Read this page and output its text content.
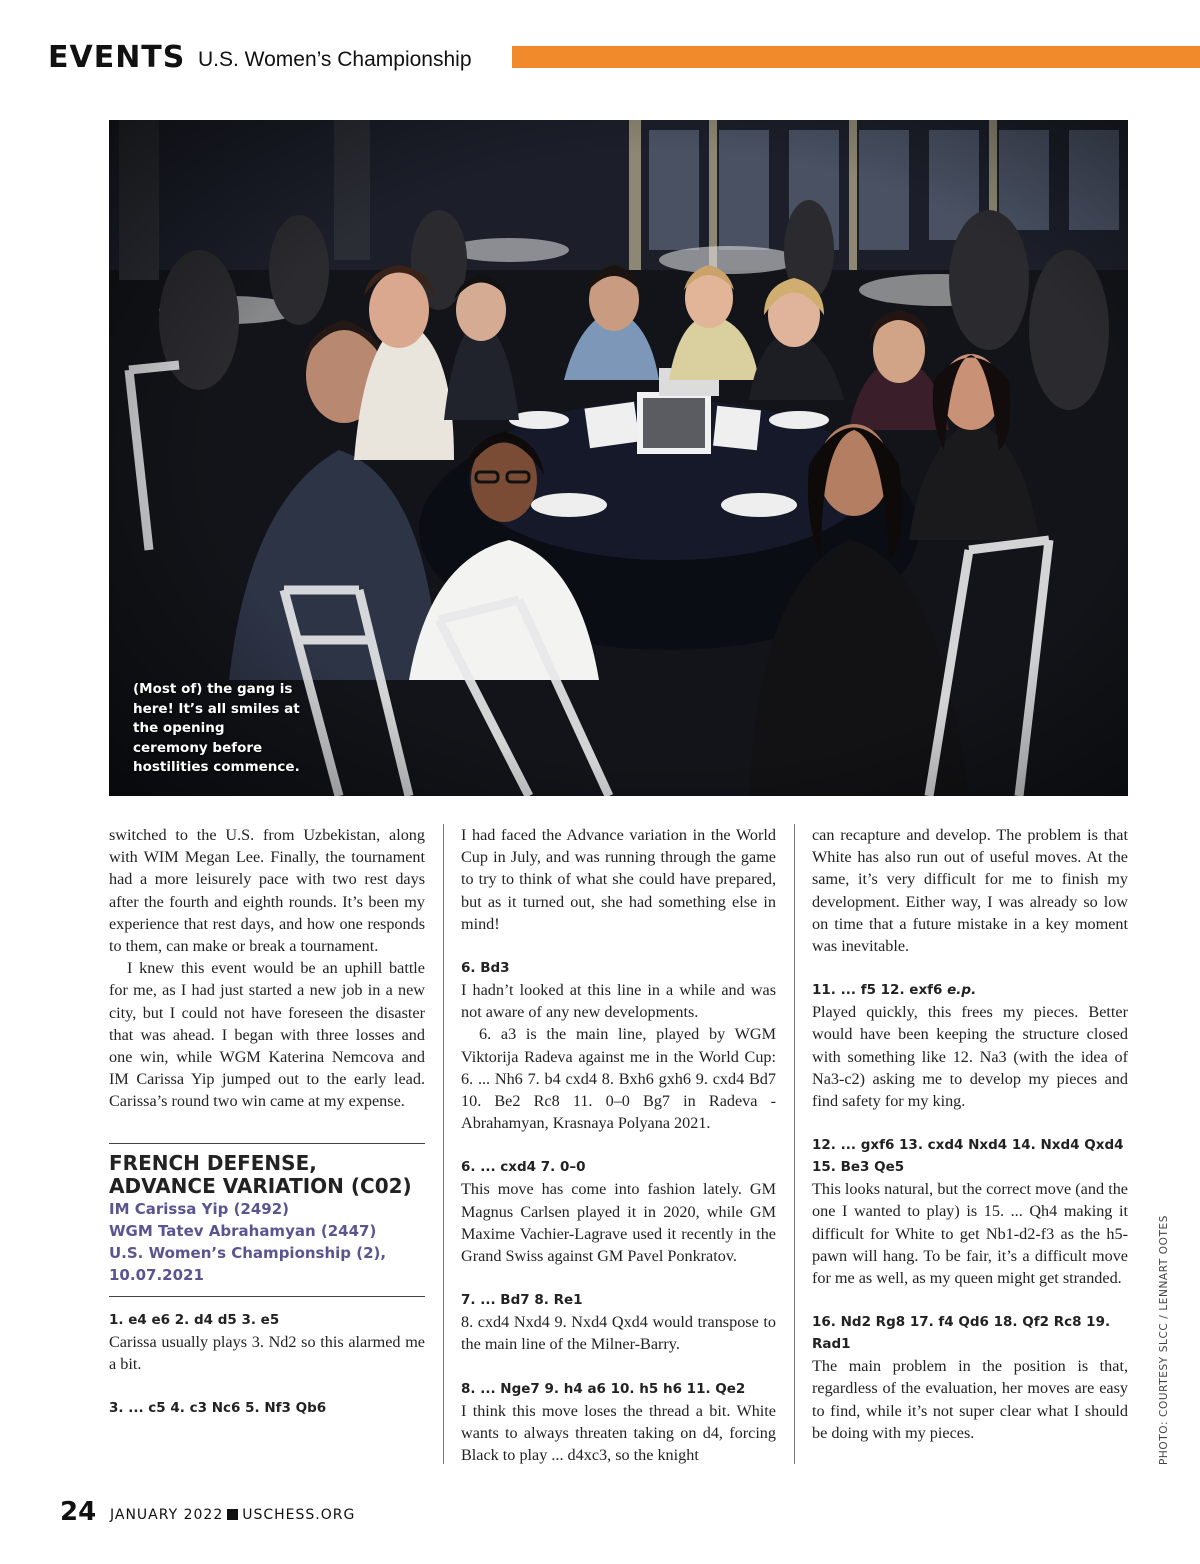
EVENTS U.S. Women’s Championship
(Most of) the gang is here! It’s all smiles at the opening ceremony before hostilities commence.

switched to the U.S. from Uzbekistan, along with WIM Megan Lee. Finally, the tournament had a more leisurely pace with two rest days after the fourth and eighth rounds. It’s been my experience that rest days, and how one responds to them, can make or break a tournament.

I knew this event would be an uphill battle for me, as I had just started a new job in a new city, but I could not have foreseen the disaster that was ahead. I began with three losses and one win, while WGM Katerina Nemcova and IM Carissa Yip jumped out to the early lead. Carissa’s round two win came at my expense.

FRENCH DEFENSE, ADVANCE VARIATION (C02)
IM Carissa Yip (2492)
WGM Tatev Abrahamyan (2447)
U.S. Women’s Championship (2),
10.07.2021
1. e4 e6 2. d4 d5 3. e5

Carissa usually plays 3. Nd2 so this alarmed me a bit.

3. ... c5 4. c3 Nc6 5. Nf3 Qb6

I had faced the Advance variation in the World Cup in July, and was running through the game to try to think of what she could have prepared, but as it turned out, she had something else in mind!

6. Bd3

I hadn’t looked at this line in a while and was not aware of any new developments.

6. a3 is the main line, played by WGM Viktorija Radeva against me in the World Cup: 6. ... Nh6 7. b4 cxd4 8. Bxh6 gxh6 9. cxd4 Bd7 10. Be2 Rc8 11. 0–0 Bg7 in Radeva - Abrahamyan, Krasnaya Polyana 2021.

6. ... cxd4 7. 0–0

This move has come into fashion lately. GM Magnus Carlsen played it in 2020, while GM Maxime Vachier-Lagrave used it recently in the Grand Swiss against GM Pavel Ponkratov.

7. ... Bd7 8. Re1

8. cxd4 Nxd4 9. Nxd4 Qxd4 would transpose to the main line of the Milner-Barry.

8. ... Nge7 9. h4 a6 10. h5 h6 11. Qe2

I think this move loses the thread a bit. White wants to always threaten taking on d4, forcing Black to play ... d4xc3, so the knight

can recapture and develop. The problem is that White has also run out of useful moves. At the same, it’s very difficult for me to finish my development. Either way, I was already so low on time that a future mistake in a key moment was inevitable.

11. ... f5 12. exf6 e.p.

Played quickly, this frees my pieces. Better would have been keeping the structure closed with something like 12. Na3 (with the idea of Na3-c2) asking me to develop my pieces and find safety for my king.

12. ... gxf6 13. cxd4 Nxd4 14. Nxd4 Qxd4
15. Be3 Qe5

This looks natural, but the correct move (and the one I wanted to play) is 15. ... Qh4 making it difficult for White to get Nb1-d2-f3 as the h5-pawn will hang. To be fair, it’s a difficult move for me as well, as my queen might get stranded.

16. Nd2 Rg8 17. f4 Qd6 18. Qf2 Rc8 19.
Rad1

The main problem in the position is that, regardless of the evaluation, her moves are easy to find, while it’s not super clear what I should be doing with my pieces.	PHOTO: COURTESY SLCC / LENNART OOTES
24 JANUARY 2022 USCHESS.ORG
